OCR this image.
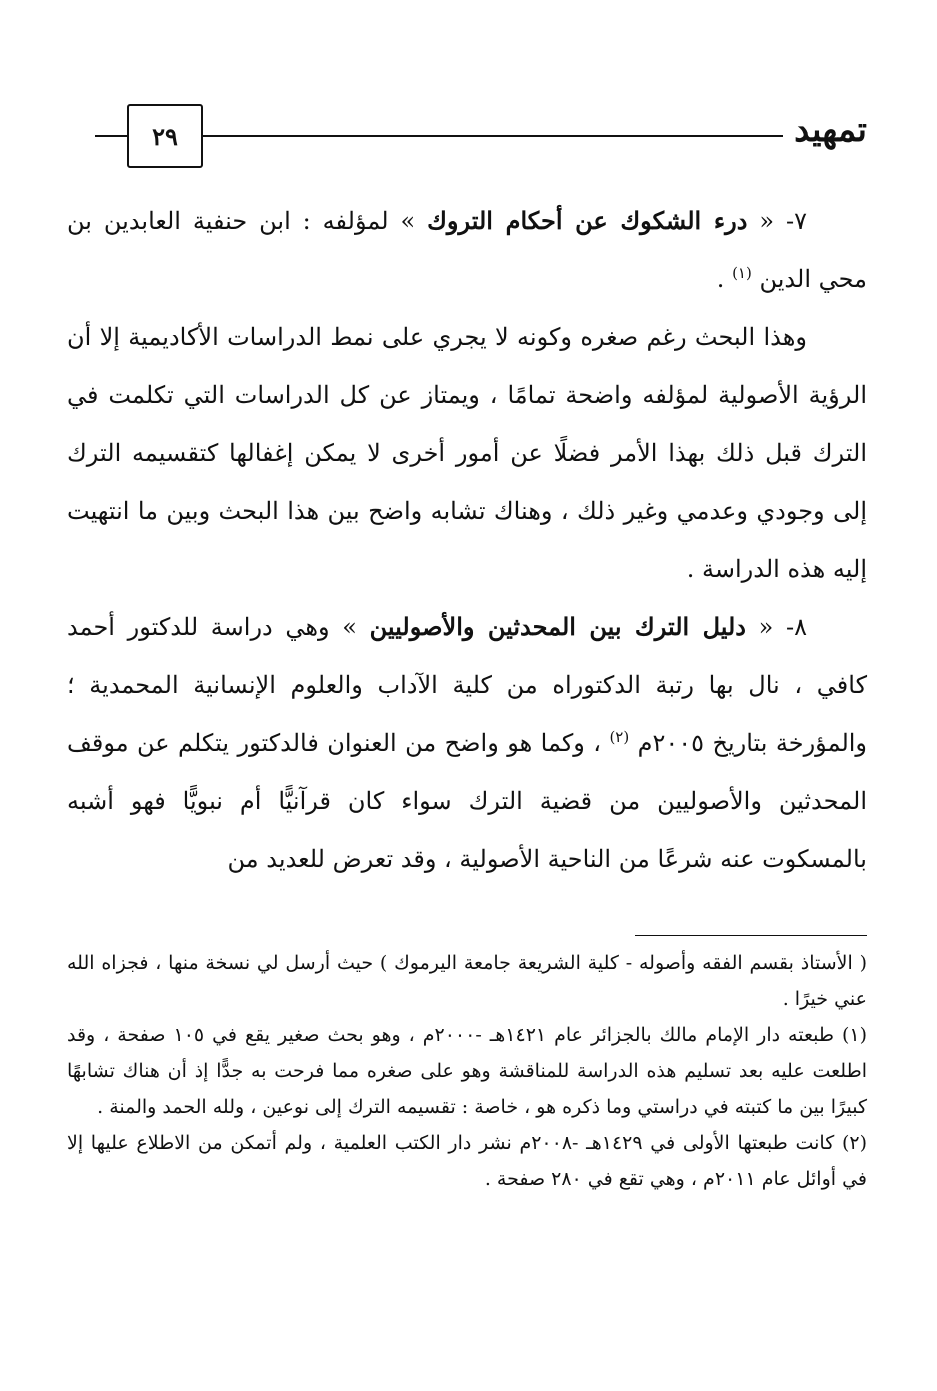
تمهيد
٢٩

٧- « درء الشكوك عن أحكام التروك » لمؤلفه : ابن حنفية العابدين بن محي الدين $^{(١)}$ .

وهذا البحث رغم صغره وكونه لا يجري على نمط الدراسات الأكاديمية إلا أن الرؤية الأصولية لمؤلفه واضحة تمامًا ، ويمتاز عن كل الدراسات التي تكلمت في الترك قبل ذلك بهذا الأمر فضلًا عن أمور أخرى لا يمكن إغفالها كتقسيمه الترك إلى وجودي وعدمي وغير ذلك ، وهناك تشابه واضح بين هذا البحث وبين ما انتهيت إليه هذه الدراسة .

٨- « دليل الترك بين المحدثين والأصوليين » وهي دراسة للدكتور أحمد كافي ، نال بها رتبة الدكتوراه من كلية الآداب والعلوم الإنسانية المحمدية ؛ والمؤرخة بتاريخ ٢٠٠٥م $^{(٢)}$ ، وكما هو واضح من العنوان فالدكتور يتكلم عن موقف المحدثين والأصوليين من قضية الترك سواء كان قرآنيًّا أم نبويًّا فهو أشبه بالمسكوت عنه شرعًا من الناحية الأصولية ، وقد تعرض للعديد من

( الأستاذ بقسم الفقه وأصوله - كلية الشريعة جامعة اليرموك ) حيث أرسل لي نسخة منها ، فجزاه الله عني خيرًا .

(١) طبعته دار الإمام مالك بالجزائر عام ١٤٢١هـ -٢٠٠٠م ، وهو بحث صغير يقع في ١٠٥ صفحة ، وقد اطلعت عليه بعد تسليم هذه الدراسة للمناقشة وهو على صغره مما فرحت به جدًّا إذ أن هناك تشابهًا كبيرًا بين ما كتبته في دراستي وما ذكره هو ، خاصة : تقسيمه الترك إلى نوعين ، ولله الحمد والمنة .

(٢) كانت طبعتها الأولى في ١٤٢٩هـ -٢٠٠٨م نشر دار الكتب العلمية ، ولم أتمكن من الاطلاع عليها إلا في أوائل عام ٢٠١١م ، وهي تقع في ٢٨٠ صفحة .
